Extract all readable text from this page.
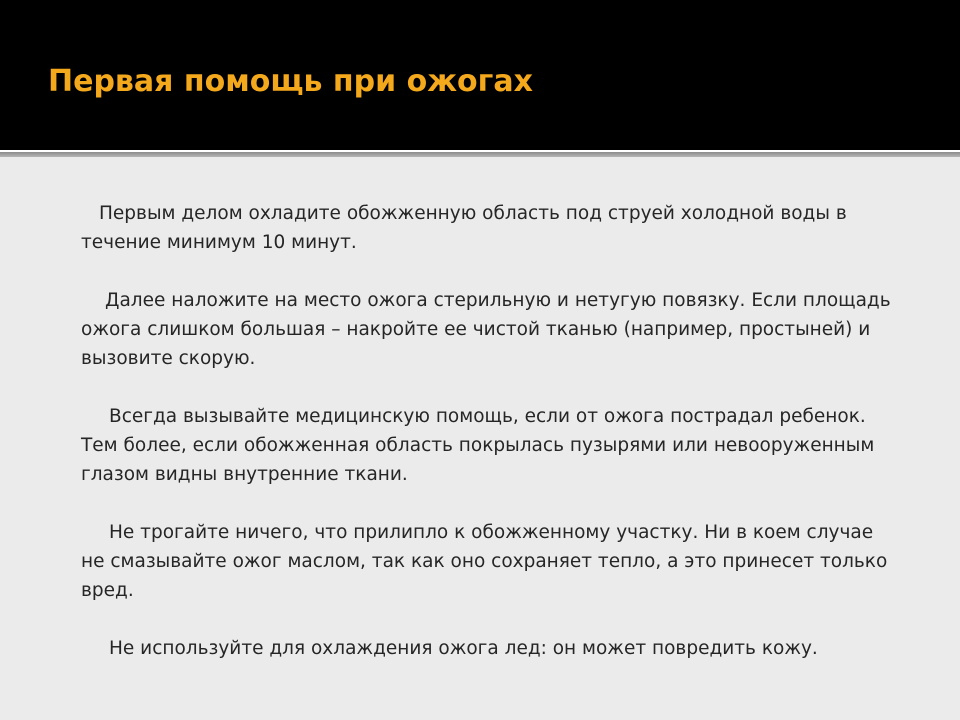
Первая помощь при ожогах

Первым делом охладите обожженную область под струей холодной воды в течение минимум 10 минут.

Далее наложите на место ожога стерильную и нетугую повязку. Если площадь ожога слишком большая – накройте ее чистой тканью (например, простыней) и вызовите скорую.

Всегда вызывайте медицинскую помощь, если от ожога пострадал ребенок. Тем более, если обожженная область покрылась пузырями или невооруженным глазом видны внутренние ткани.

Не трогайте ничего, что прилипло к обожженному участку. Ни в коем случае не смазывайте ожог маслом, так как оно сохраняет тепло, а это принесет только вред.

Не используйте для охлаждения ожога лед: он может повредить кожу.
